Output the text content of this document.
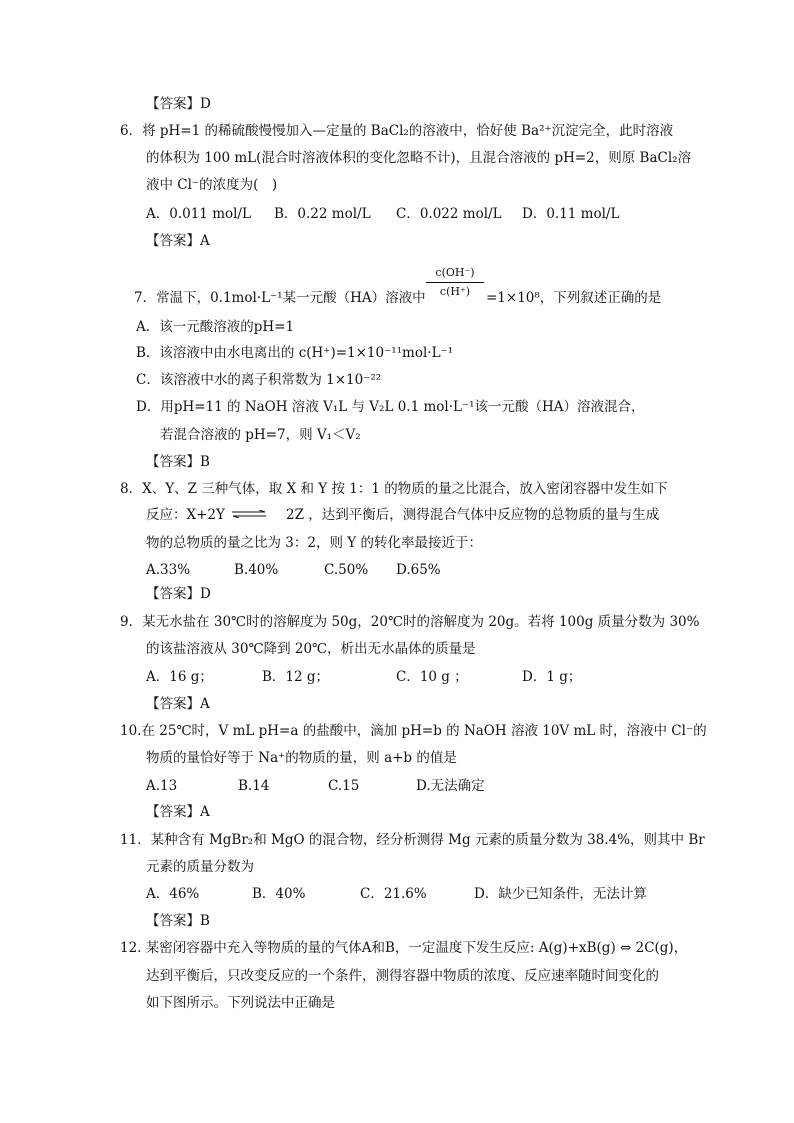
【答案】D
6．将 pH=1 的稀硫酸慢慢加入—定量的 BaCl₂的溶液中，恰好使 Ba²⁺沉淀完全，此时溶液
的体积为 100 mL(混合时溶液体积的变化忽略不计)，且混合溶液的 pH=2，则原 BaCl₂溶
液中 Cl⁻的浓度为(　)
A．0.011 mol/L B．0.22 mol/L C．0.022 mol/L D．0.11 mol/L
【答案】A
$\frac{c(OH^-)}{c(H^+)}$
7．常温下，0.1mol·L⁻¹某一元酸（HA）溶液中	=1×10⁸，下列叙述正确的是
A．该一元酸溶液的pH=1
B．该溶液中由水电离出的 c(H⁺)=1×10⁻¹¹mol·L⁻¹
C．该溶液中水的离子积常数为 1×10⁻²²
D．用pH=11 的 NaOH 溶液 V₁L 与 V₂L 0.1 mol·L⁻¹该一元酸（HA）溶液混合，
若混合溶液的 pH=7，则 V₁＜V₂
【答案】B
8．X、Y、Z 三种气体，取 X 和 Y 按 1：1 的物质的量之比混合，放入密闭容器中发生如下
反应：X+2Y ⇌ 2Z ，达到平衡后，测得混合气体中反应物的总物质的量与生成
物的总物质的量之比为 3：2，则 Y 的转化率最接近于：
A.33%	B.40%	C.50% D.65%
【答案】D
9．某无水盐在 30℃时的溶解度为 50g，20℃时的溶解度为 20g。若将 100g 质量分数为 30%
的该盐溶液从 30℃降到 20℃，析出无水晶体的质量是
A．16 g；	B．12 g；	C．10 g ；	D．1 g；
【答案】A
10.在 25℃时，V mL pH=a 的盐酸中，滴加 pH=b 的 NaOH 溶液 10V mL 时，溶液中 Cl⁻的
物质的量恰好等于 Na⁺的物质的量，则 a+b 的值是
A.13	B.14	C.15	D.无法确定
【答案】A
11．某种含有 MgBr₂和 MgO 的混合物，经分析测得 Mg 元素的质量分数为 38.4%，则其中 Br
元素的质量分数为
A．46%	B．40%	C．21.6%	D．缺少已知条件，无法计算
【答案】B
12. 某密闭容器中充入等物质的量的气体A和B，一定温度下发生反应: A(g)+xB(g) ⇔ 2C(g)，
达到平衡后，只改变反应的一个条件，测得容器中物质的浓度、反应速率随时间变化的
如下图所示。下列说法中正确是
